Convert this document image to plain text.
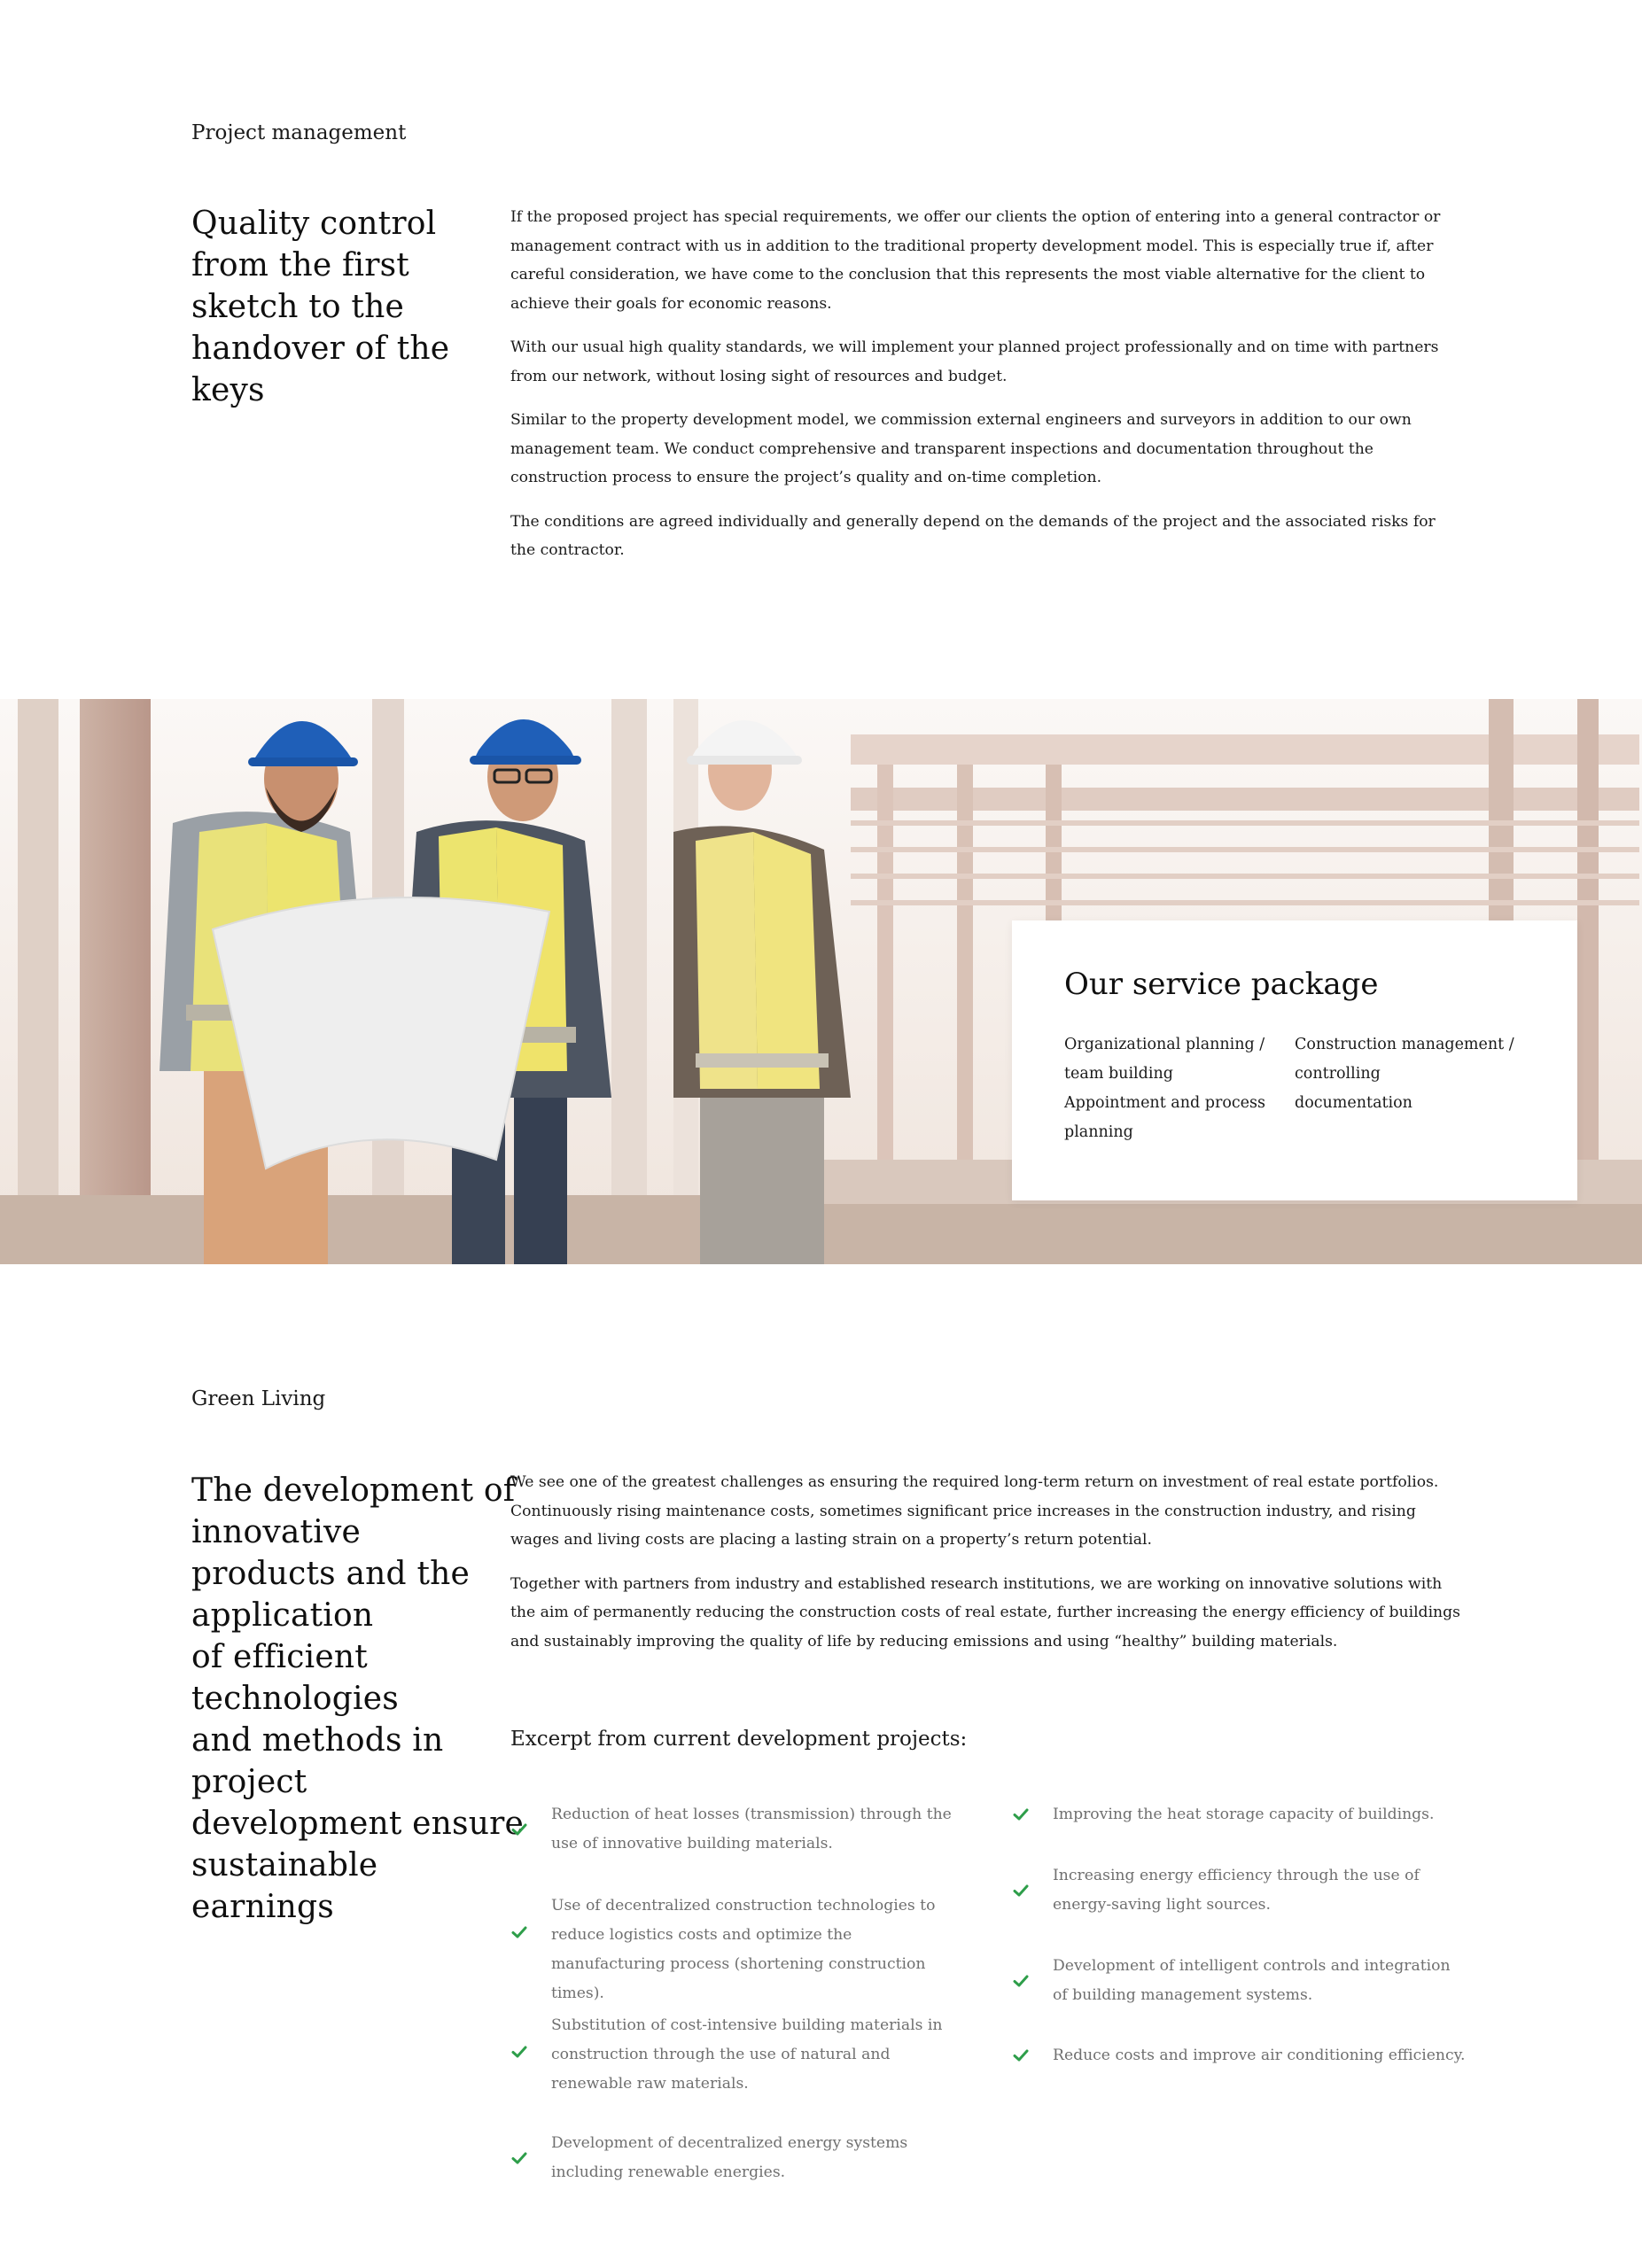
Project management
Quality control
from the first
sketch to the
handover of the
keys

If the proposed project has special requirements, we offer our clients the option of entering into a general contractor or management contract with us in addition to the traditional property development model. This is especially true if, after careful consideration, we have come to the conclusion that this represents the most viable alternative for the client to achieve their goals for economic reasons.

With our usual high quality standards, we will implement your planned project professionally and on time with partners from our network, without losing sight of resources and budget.

Similar to the property development model, we commission external engineers and surveyors in addition to our own management team. We conduct comprehensive and transparent inspections and documentation throughout the construction process to ensure the project’s quality and on-time completion.

The conditions are agreed individually and generally depend on the demands of the project and the associated risks for the contractor.

Our service package
Organizational planning / team building
Appointment and process planning
Construction management / controlling
documentation
Green Living
The development of
innovative
products and the
application
of efficient
technologies
and methods in
project
development ensure
sustainable
earnings

We see one of the greatest challenges as ensuring the required long-term return on investment of real estate portfolios. Continuously rising maintenance costs, sometimes significant price increases in the construction industry, and rising wages and living costs are placing a lasting strain on a property’s return potential.

Together with partners from industry and established research institutions, we are working on innovative solutions with the aim of permanently reducing the construction costs of real estate, further increasing the energy efficiency of buildings and sustainably improving the quality of life by reducing emissions and using “healthy” building materials.

Excerpt from current development projects:
Reduction of heat losses (transmission) through the use of innovative building materials.
Use of decentralized construction technologies to reduce logistics costs and optimize the manufacturing process (shortening construction times).
Substitution of cost-intensive building materials in construction through the use of natural and renewable raw materials.
Development of decentralized energy systems including renewable energies.
Improving the heat storage capacity of buildings.
Increasing energy efficiency through the use of energy-saving light sources.
Development of intelligent controls and integration of building management systems.
Reduce costs and improve air conditioning efficiency.
